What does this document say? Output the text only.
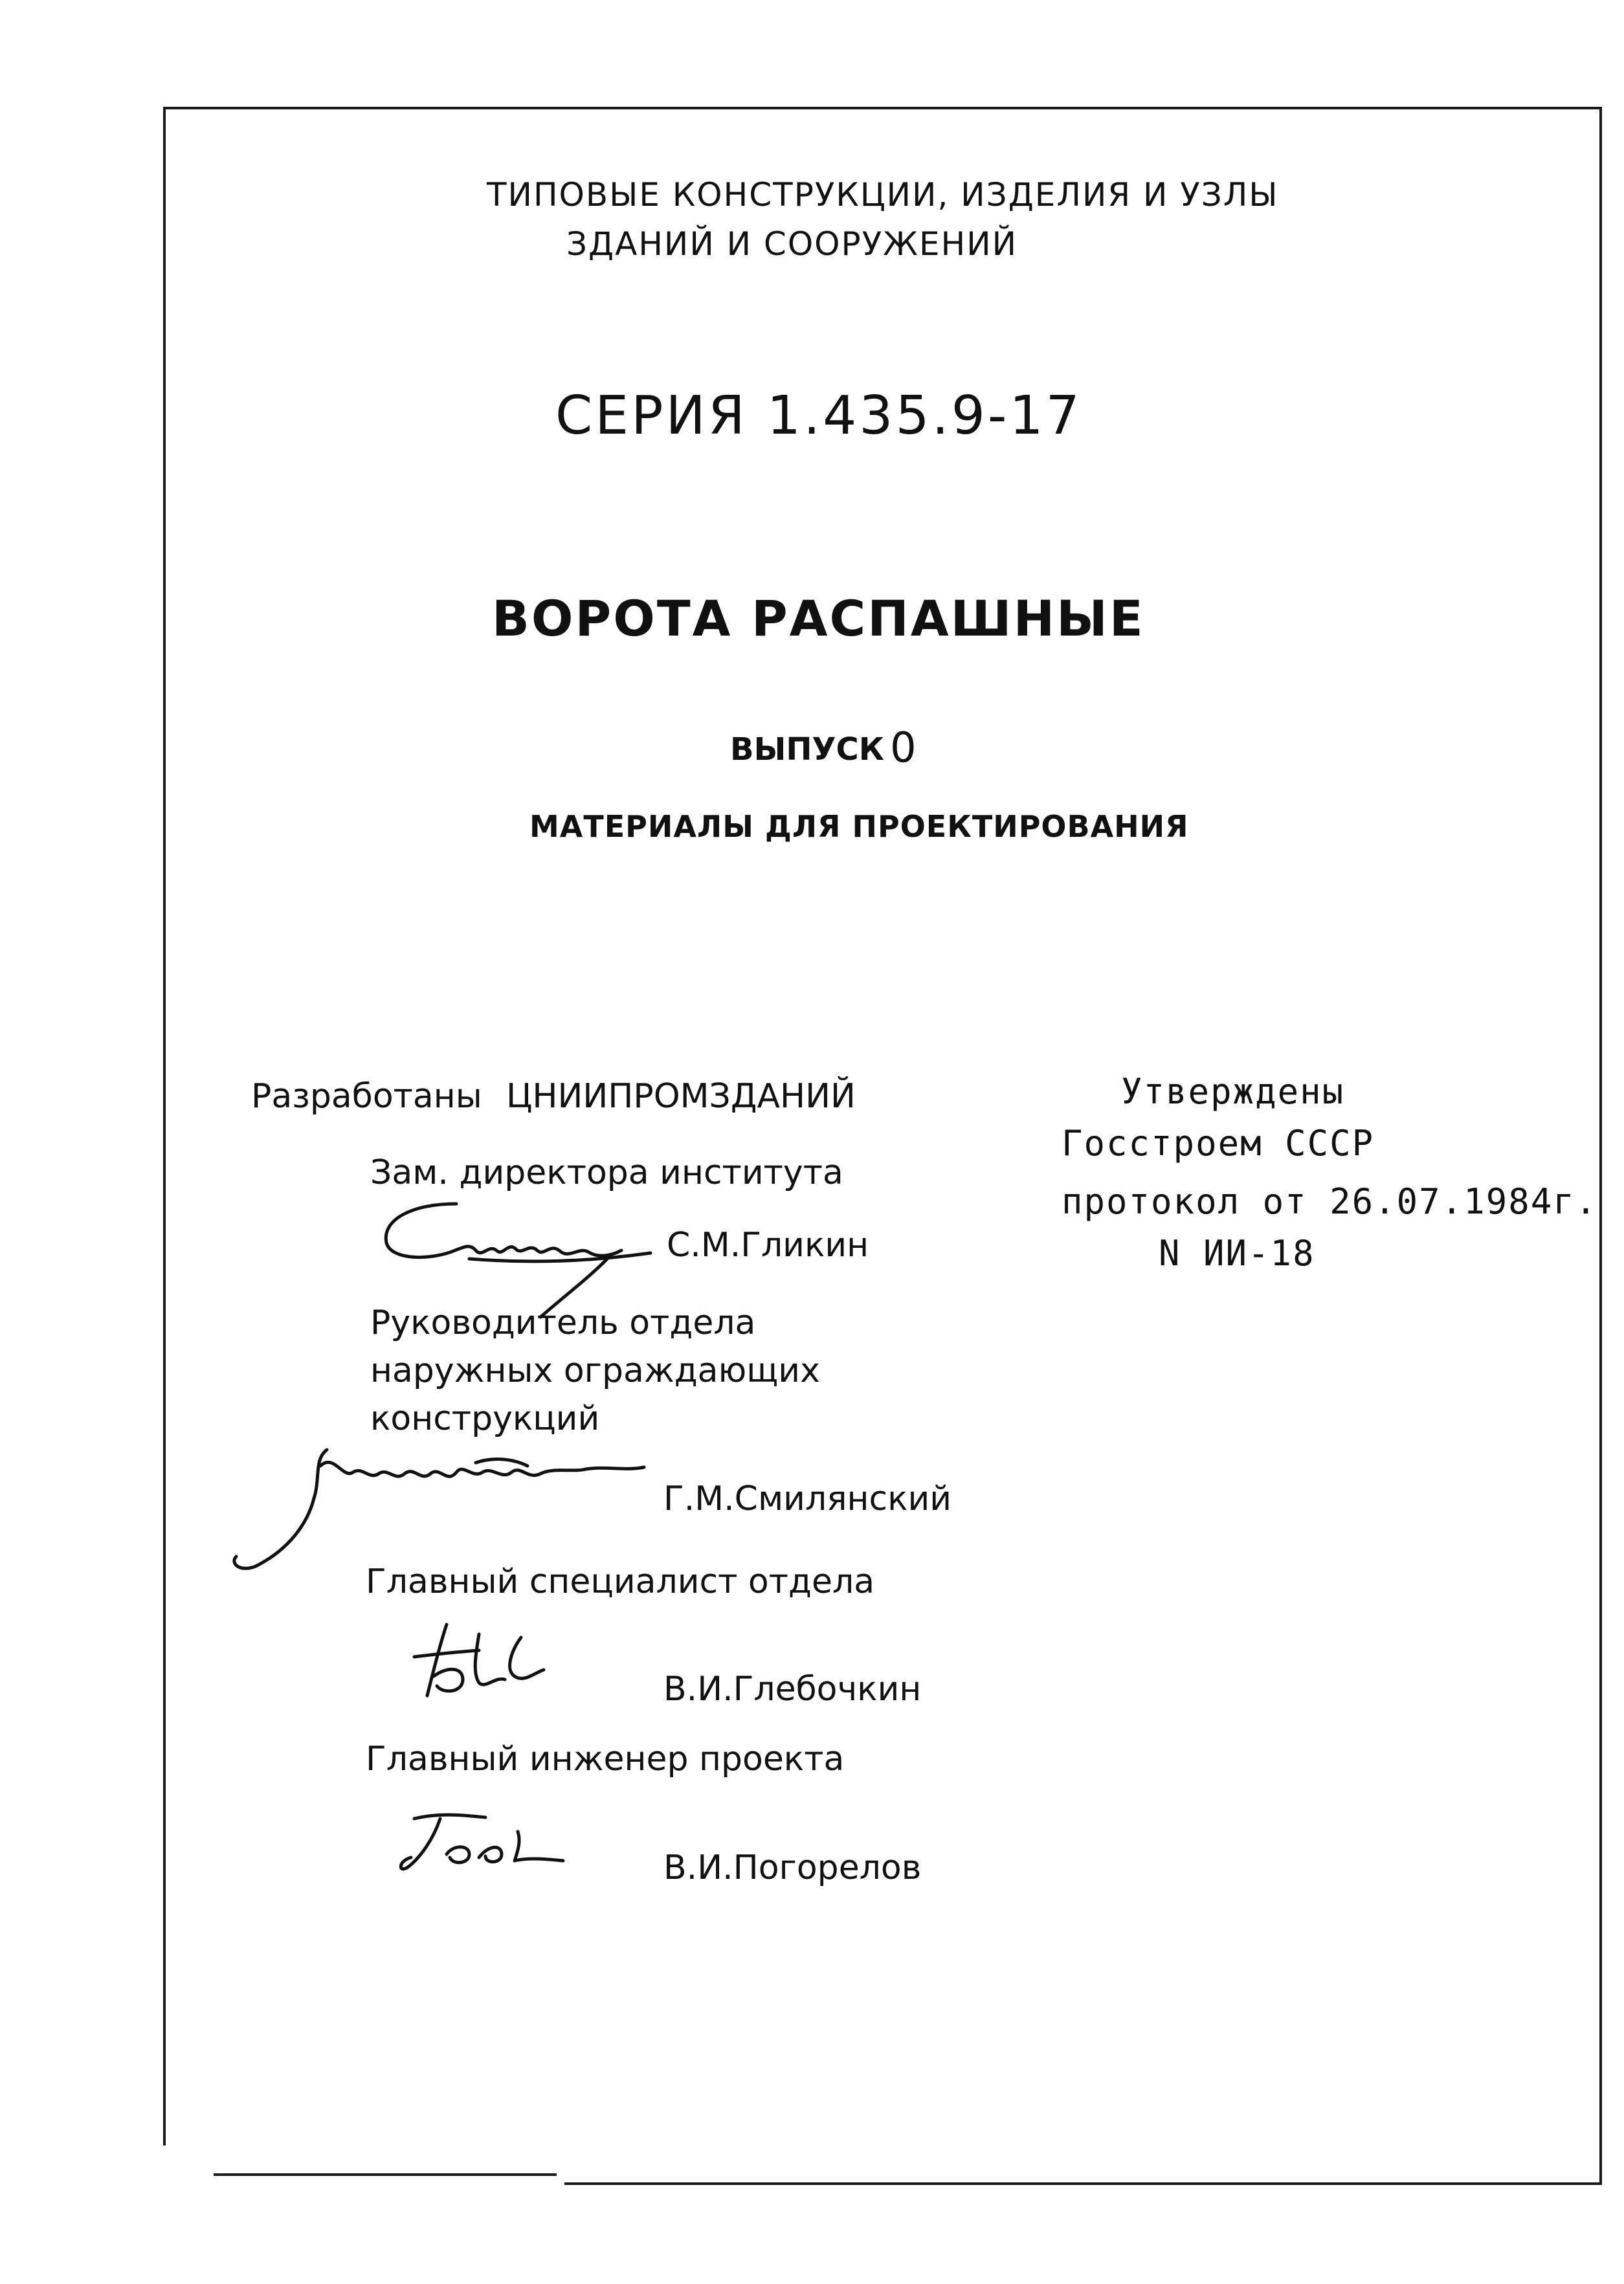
ТИПОВЫЕ КОНСТРУКЦИИ, ИЗДЕЛИЯ И УЗЛЫ
ЗДАНИЙ И СООРУЖЕНИЙ
СЕРИЯ 1.435.9-17
ВОРОТА РАСПАШНЫЕ
ВЫПУСК 0
МАТЕРИАЛЫ ДЛЯ ПРОЕКТИРОВАНИЯ
Разработаны ЦНИИПРОМЗДАНИЙ
Зам. директора института
С.М.Гликин
Руководитель отдела
наружных ограждающих
конструкций
Г.М.Смилянский
Главный специалист отдела
В.И.Глебочкин
Главный инженер проекта
В.И.Погорелов
Утверждены
Госстроем СССР
протокол от 26.07.1984г.
N ИИ-18
